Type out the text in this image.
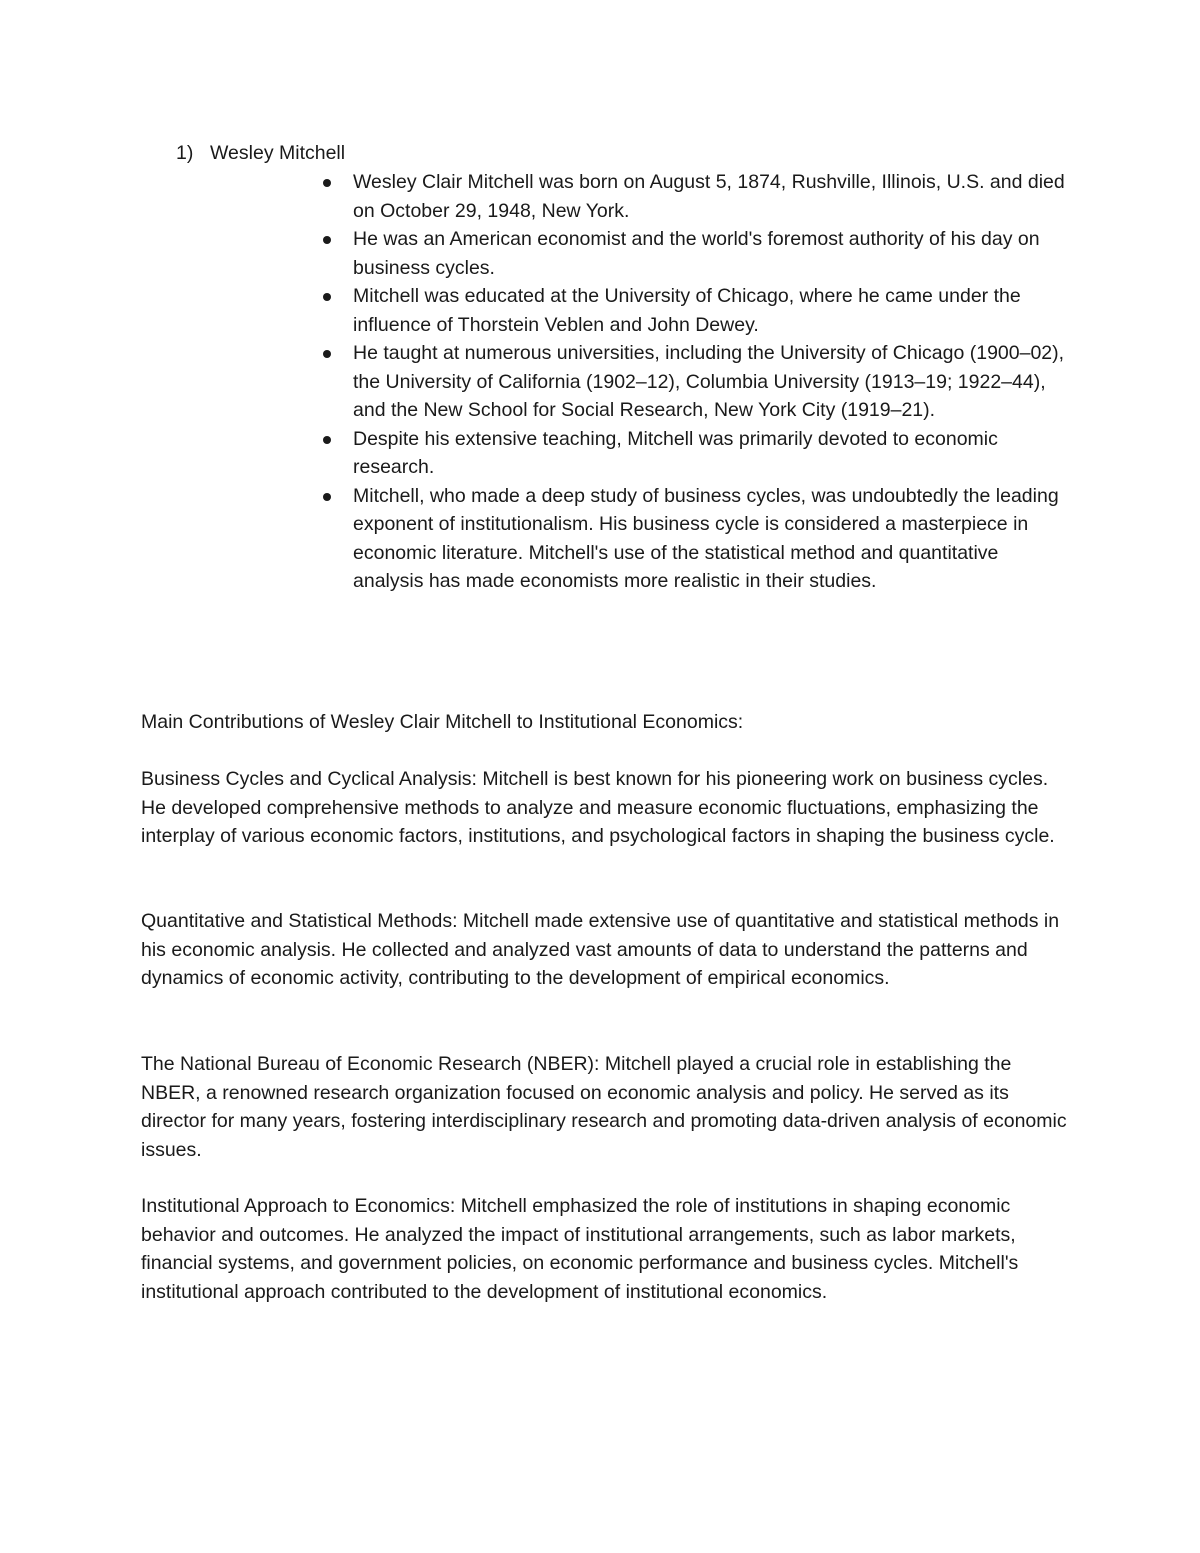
1) Wesley Mitchell
Wesley Clair Mitchell was born on August 5, 1874, Rushville, Illinois, U.S. and died on October 29, 1948, New York.
He was an American economist and the world's foremost authority of his day on business cycles.
Mitchell was educated at the University of Chicago, where he came under the influence of Thorstein Veblen and John Dewey.
He taught at numerous universities, including the University of Chicago (1900–02), the University of California (1902–12), Columbia University (1913–19; 1922–44), and the New School for Social Research, New York City (1919–21).
Despite his extensive teaching, Mitchell was primarily devoted to economic research.
Mitchell, who made a deep study of business cycles, was undoubtedly the leading exponent of institutionalism. His business cycle is considered a masterpiece in economic literature. Mitchell's use of the statistical method and quantitative analysis has made economists more realistic in their studies.

Main Contributions of Wesley Clair Mitchell to Institutional Economics:

Business Cycles and Cyclical Analysis: Mitchell is best known for his pioneering work on business cycles. He developed comprehensive methods to analyze and measure economic fluctuations, emphasizing the interplay of various economic factors, institutions, and psychological factors in shaping the business cycle.

Quantitative and Statistical Methods: Mitchell made extensive use of quantitative and statistical methods in his economic analysis. He collected and analyzed vast amounts of data to understand the patterns and dynamics of economic activity, contributing to the development of empirical economics.

The National Bureau of Economic Research (NBER): Mitchell played a crucial role in establishing the NBER, a renowned research organization focused on economic analysis and policy. He served as its director for many years, fostering interdisciplinary research and promoting data-driven analysis of economic issues.

Institutional Approach to Economics: Mitchell emphasized the role of institutions in shaping economic behavior and outcomes. He analyzed the impact of institutional arrangements, such as labor markets, financial systems, and government policies, on economic performance and business cycles. Mitchell's institutional approach contributed to the development of institutional economics.
